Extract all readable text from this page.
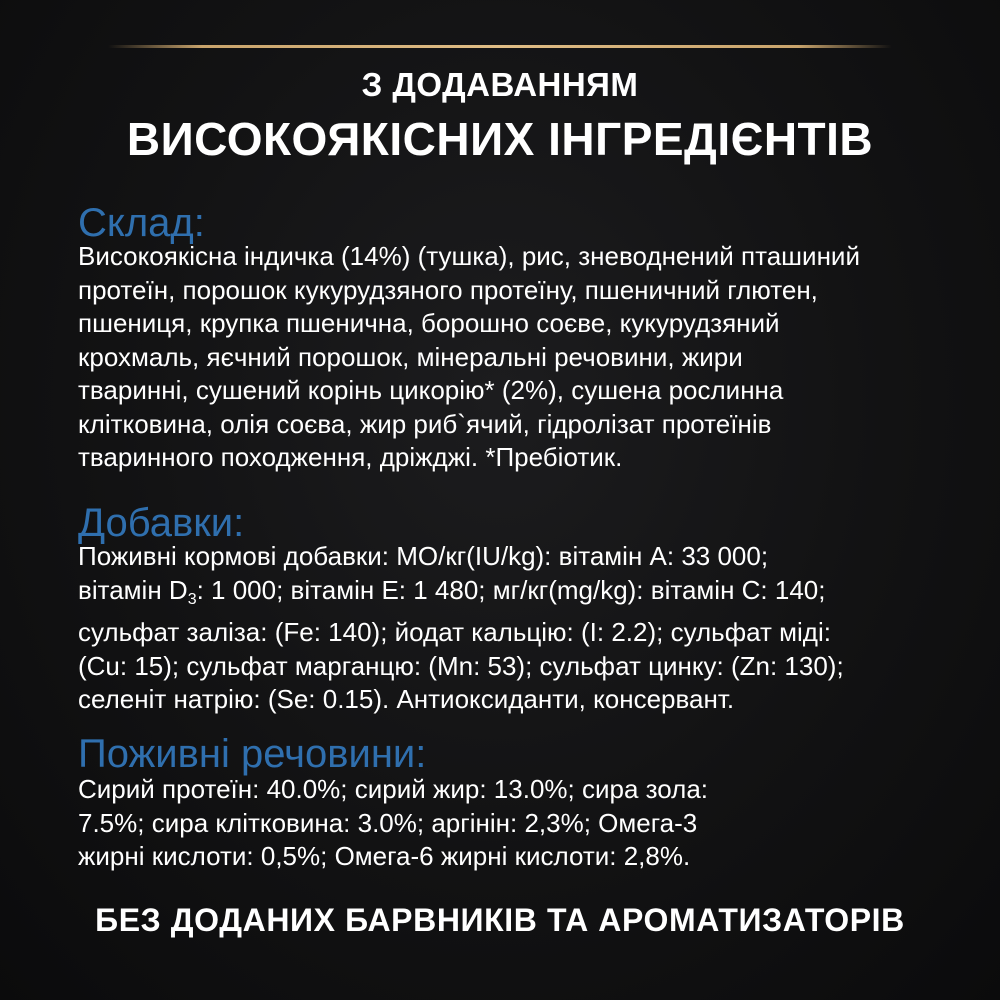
З ДОДАВАННЯМ
ВИСОКОЯКІСНИХ ІНГРЕДІЄНТІВ
Склад:

Високоякісна індичка (14%) (тушка), рис, зневоднений пташиний

протеїн, порошок кукурудзяного протеїну, пшеничний глютен,

пшениця, крупка пшенична, борошно соєве, кукурудзяний

крохмаль, яєчний порошок, мінеральні речовини, жири

тваринні, сушений корінь цикорію* (2%), сушена рослинна

клітковина, олія соєва, жир риб`ячий, гідролізат протеїнів

тваринного походження, дріжджі. *Пребіотик.

Добавки:

Поживні кормові добавки: МО/кг(IU/kg): вітамін А: 33 000;

вітамін $D_3$: 1 000; вітамін Е: 1 480; мг/кг(mg/kg): вітамін С: 140;

сульфат заліза: (Fe: 140); йодат кальцію: (I: 2.2); сульфат міді:

(Cu: 15); сульфат марганцю: (Mn: 53); сульфат цинку: (Zn: 130);

селеніт натрію: (Se: 0.15). Антиоксиданти, консервант.

Поживні речовини:

Сирий протеїн: 40.0%; сирий жир: 13.0%; сира зола:

7.5%; сира клітковина: 3.0%; аргінін: 2,3%; Омега-3

жирні кислоти: 0,5%; Омега-6 жирні кислоти: 2,8%.

БЕЗ ДОДАНИХ БАРВНИКІВ ТА АРОМАТИЗАТОРІВ
